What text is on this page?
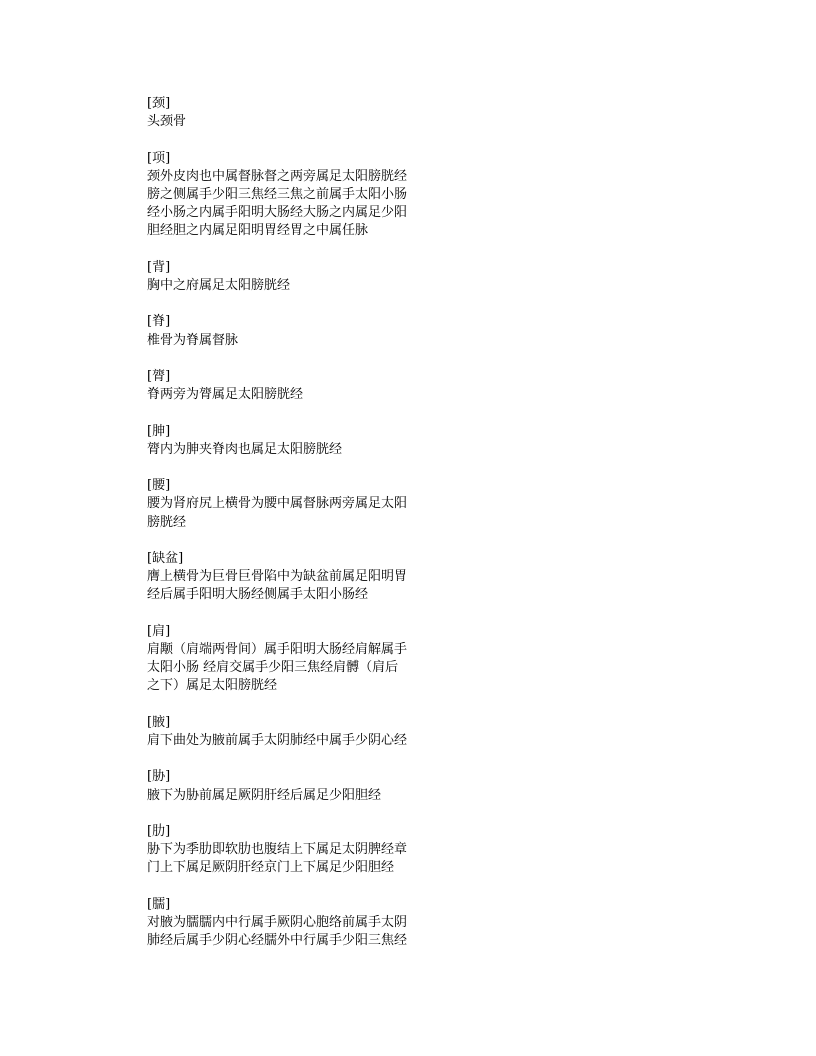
[颈]
头颈骨
[项]
颈外皮肉也中属督脉督之两旁属足太阳膀胱经
膀之侧属手少阳三焦经三焦之前属手太阳小肠
经小肠之内属手阳明大肠经大肠之内属足少阳
胆经胆之内属足阳明胃经胃之中属任脉
[背]
胸中之府属足太阳膀胱经
[脊]
椎骨为脊属督脉
[膂]
脊两旁为膂属足太阳膀胱经
[胂]
膂内为胂夹脊肉也属足太阳膀胱经
[腰]
腰为肾府尻上横骨为腰中属督脉两旁属足太阳
膀胱经
[缺盆]
膺上横骨为巨骨巨骨陷中为缺盆前属足阳明胃
经后属手阳明大肠经侧属手太阳小肠经
[肩]
肩颙（肩端两骨间）属手阳明大肠经肩解属手
太阳小肠 经肩交属手少阳三焦经肩髆（肩后
之下）属足太阳膀胱经
[腋]
肩下曲处为腋前属手太阴肺经中属手少阴心经
[胁]
腋下为胁前属足厥阴肝经后属足少阳胆经
[肋]
胁下为季肋即软肋也腹结上下属足太阴脾经章
门上下属足厥阴肝经京门上下属足少阳胆经
[臑]
对腋为臑臑内中行属手厥阴心胞络前属手太阴
肺经后属手少阴心经臑外中行属手少阳三焦经
